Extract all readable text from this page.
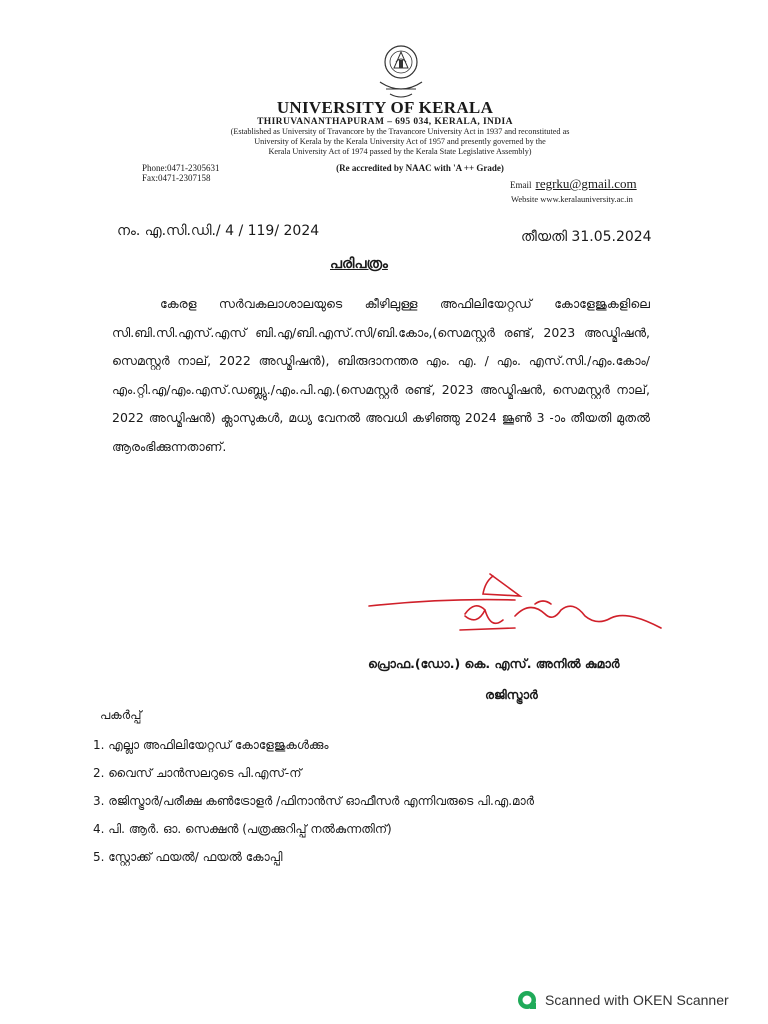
UNIVERSITY OF KERALA
THIRUVANANTHAPURAM – 695 034, KERALA, INDIA
(Established as University of Travancore by the Travancore University Act in 1937 and reconstituted as
University of Kerala by the Kerala University Act of 1957 and presently governed by the
Kerala University Act of 1974 passed by the Kerala State Legislative Assembly)
(Re accredited by NAAC with 'A ++ Grade)
Phone:0471-2305631
Fax:0471-2307158
Email regrku@gmail.com
Website www.keralauniversity.ac.in
നം. എ.സി.ഡി./ 4 / 119/ 2024	തീയതി 31.05.2024
പരിപത്രം
കേരള സർവകലാശാലയുടെ കീഴിലുള്ള അഫിലിയേറ്റഡ് കോളേജുകളിലെ സി.ബി.സി.എസ്.എസ് ബി.എ/ബി.എസ്.സി/ബി.കോം,(സെമസ്റ്റർ രണ്ട്, 2023 അഡ്മിഷൻ, സെമസ്റ്റർ നാല്, 2022 അഡ്മിഷൻ), ബിരുദാനന്തര എം. എ. / എം. എസ്.സി./എം.കോം/എം.റ്റി.എ/എം.എസ്.ഡബ്ല്യു./എം.പി.എ.(സെമസ്റ്റർ രണ്ട്, 2023 അഡ്മിഷൻ, സെമസ്റ്റർ നാല്, 2022 അഡ്മിഷൻ) ക്ലാസുകൾ, മധ്യ വേനൽ അവധി കഴിഞ്ഞു 2024 ജൂൺ 3 -ാം തീയതി മുതൽ ആരംഭിക്കുന്നതാണ്.
പ്രൊഫ.(ഡോ.) കെ. എസ്. അനിൽ കുമാർ
രജിസ്ട്രാർ
പകർപ്പ്
1. എല്ലാ അഫിലിയേറ്റഡ് കോളേജുകൾക്കും
2. വൈസ് ചാൻസലറുടെ പി.എസ്-ന്
3. രജിസ്ട്രാർ/പരീക്ഷ കൺട്രോളർ /ഫിനാൻസ് ഓഫീസർ എന്നിവരുടെ പി.എ.മാർ
4. പി. ആർ. ഓ. സെക്ഷൻ (പത്രക്കുറിപ്പ് നൽകുന്നതിന്)
5. സ്റ്റോക്ക് ഫയൽ/ ഫയൽ കോപ്പി
Scanned with OKEN Scanner
